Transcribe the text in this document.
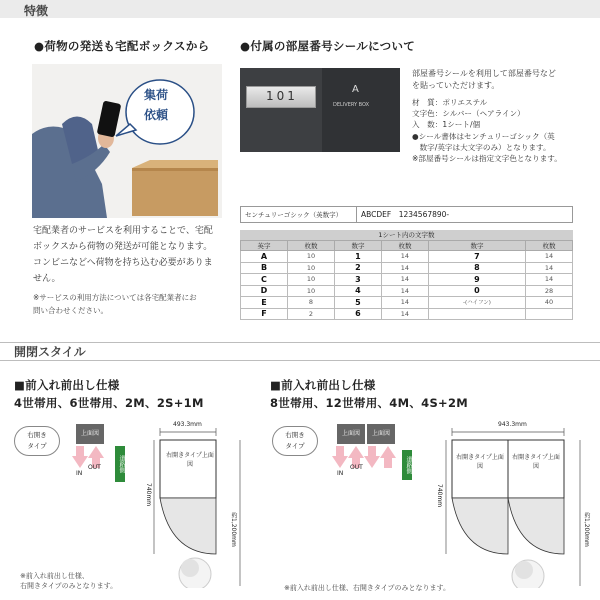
特徴
●荷物の発送も宅配ボックスから
集荷
依頼
宅配業者のサービスを利用することで、宅配
ボックスから荷物の発送が可能となります。
コンビニなどへ荷物を持ち込む必要がありま
せん。
※サービスの利用方法については各宅配業者にお
問い合わせください。
●付属の部屋番号シールについて
101	A
DELIVERY BOX
部屋番号シールを利用して部屋番号など
を貼っていただけます。
材　質：ポリエステル
文字色：シルバー（ヘアライン）
入　数：1シート/個
●シール書体はセンチュリーゴシック（英
　数字/英字は大文字のみ）となります。
※部屋番号シールは指定文字色となります。
センチュリーゴシック（英数字）	ABCDEF　1234567890-
1シート内の文字数
英字	枚数	数字	枚数	数字	枚数
A	10	1	14	7	14
B	10	2	14	8	14
C	10	3	14	9	14
D	10	4	14	0	28
E	8	5	14	-(ハイフン)	40
F	2	6	14		
開閉スタイル
■前入れ前出し仕様
4世帯用、6世帯用、2M、2S+1M
右開き
タイプ
上面図
IN
OUT	道路側
493.3mm
右開きタイプ上面図
740mm
約1,200mm
※前入れ前出し仕様、
右開きタイプのみとなります。
■前入れ前出し仕様
8世帯用、12世帯用、4M、4S+2M
右開き
タイプ
上面図	上面図
IN
OUT	道路側
943.3mm
右開きタイプ上面図
右開きタイプ上面図
740mm
約1,200mm
※前入れ前出し仕様、右開きタイプのみとなります。
